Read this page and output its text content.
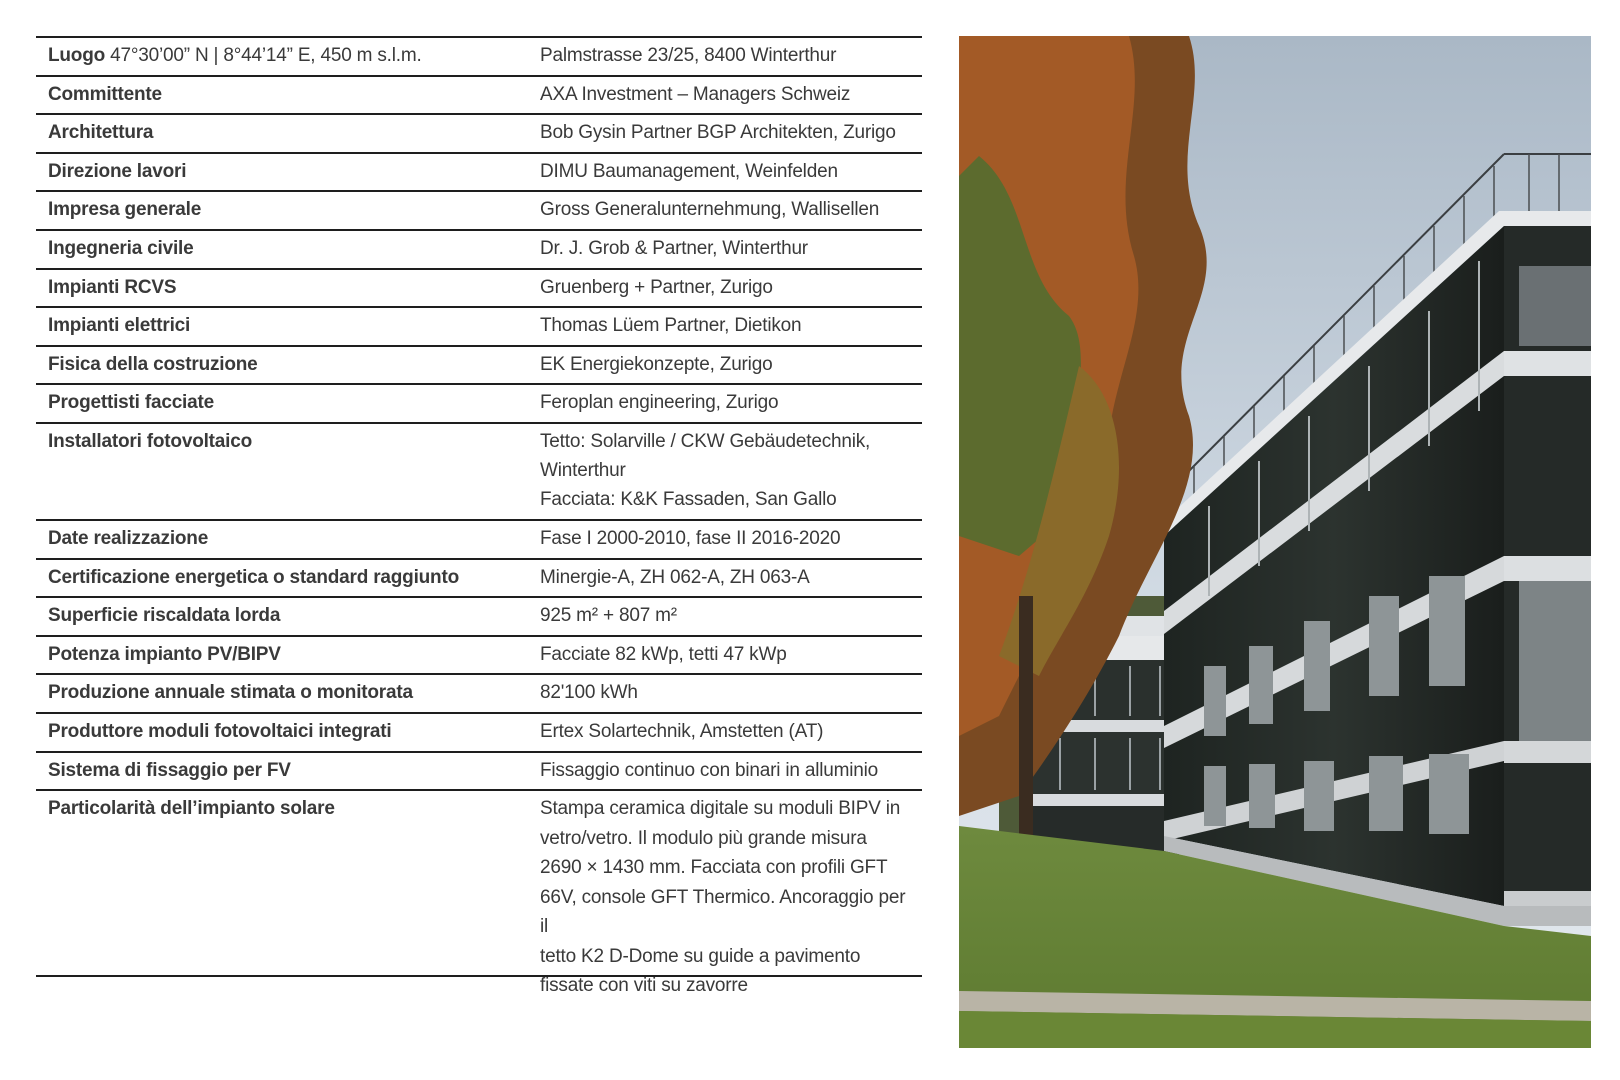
Luogo 47°30’00” N | 8°44’14” E, 450 m s.l.m.	Palmstrasse 23/25, 8400 Winterthur
Committente	AXA Investment – Managers Schweiz
Architettura	Bob Gysin Partner BGP Architekten, Zurigo
Direzione lavori	DIMU Baumanagement, Weinfelden
Impresa generale	Gross Generalunternehmung, Wallisellen
Ingegneria civile	Dr. J. Grob & Partner, Winterthur
Impianti RCVS	Gruenberg + Partner, Zurigo
Impianti elettrici	Thomas Lüem Partner, Dietikon
Fisica della costruzione	EK Energiekonzepte, Zurigo
Progettisti facciate	Feroplan engineering, Zurigo
Installatori fotovoltaico	Tetto: Solarville / CKW Gebäudetechnik,
Winterthur
Facciata: K&K Fassaden, San Gallo
Date realizzazione	Fase I 2000-2010, fase II 2016-2020
Certificazione energetica o standard raggiunto	Minergie-A, ZH 062-A, ZH 063-A
Superficie riscaldata lorda	925 m² + 807 m²
Potenza impianto PV/BIPV	Facciate 82 kWp, tetti 47 kWp
Produzione annuale stimata o monitorata	82'100 kWh
Produttore moduli fotovoltaici integrati	Ertex Solartechnik, Amstetten (AT)
Sistema di fissaggio per FV	Fissaggio continuo con binari in alluminio
Particolarità dell’impianto solare	Stampa ceramica digitale su moduli BIPV in
vetro/vetro. Il modulo più grande misura
2690 × 1430 mm. Facciata con profili GFT
66V, console GFT Thermico. Ancoraggio per il
tetto K2 D-Dome su guide a pavimento
fissate con viti su zavorre
